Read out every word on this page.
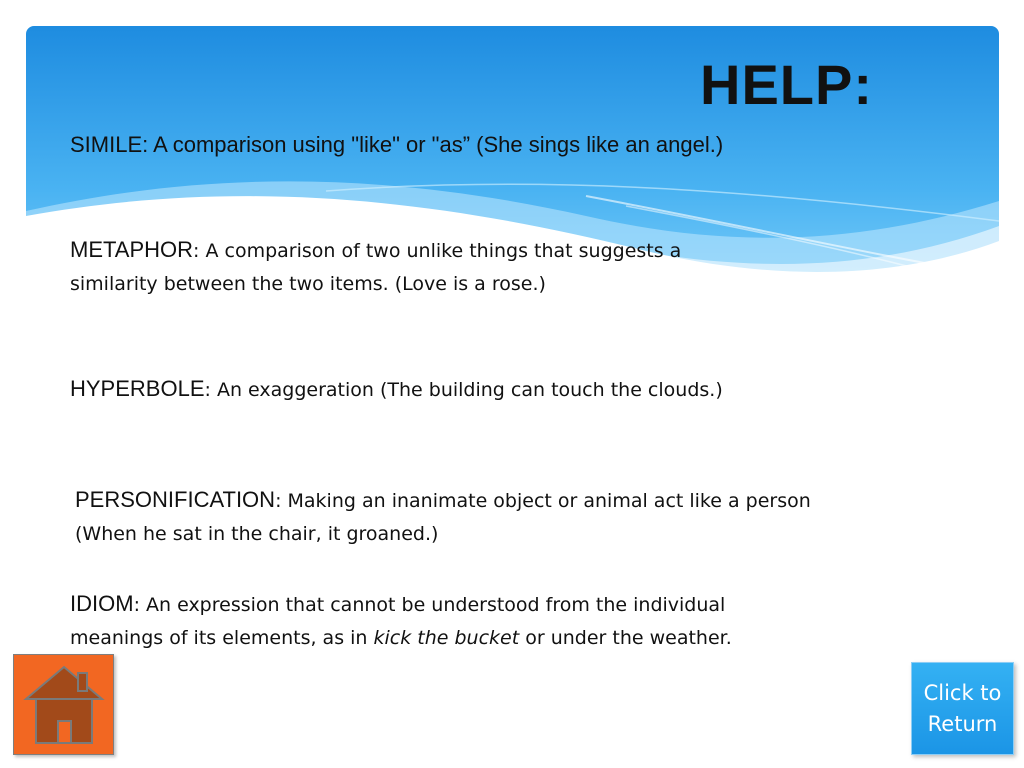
HELP:

SIMILE: A comparison using "like" or "as” (She sings like an angel.)

METAPHOR: A comparison of two unlike things that suggests a
similarity between the two items. (Love is a rose.)

HYPERBOLE: An exaggeration (The building can touch the clouds.)

PERSONIFICATION: Making an inanimate object or animal act like a person
(When he sat in the chair, it groaned.)

IDIOM: An expression that cannot be understood from the individual
meanings of its elements, as in kick the bucket or under the weather.

Click to
Return
